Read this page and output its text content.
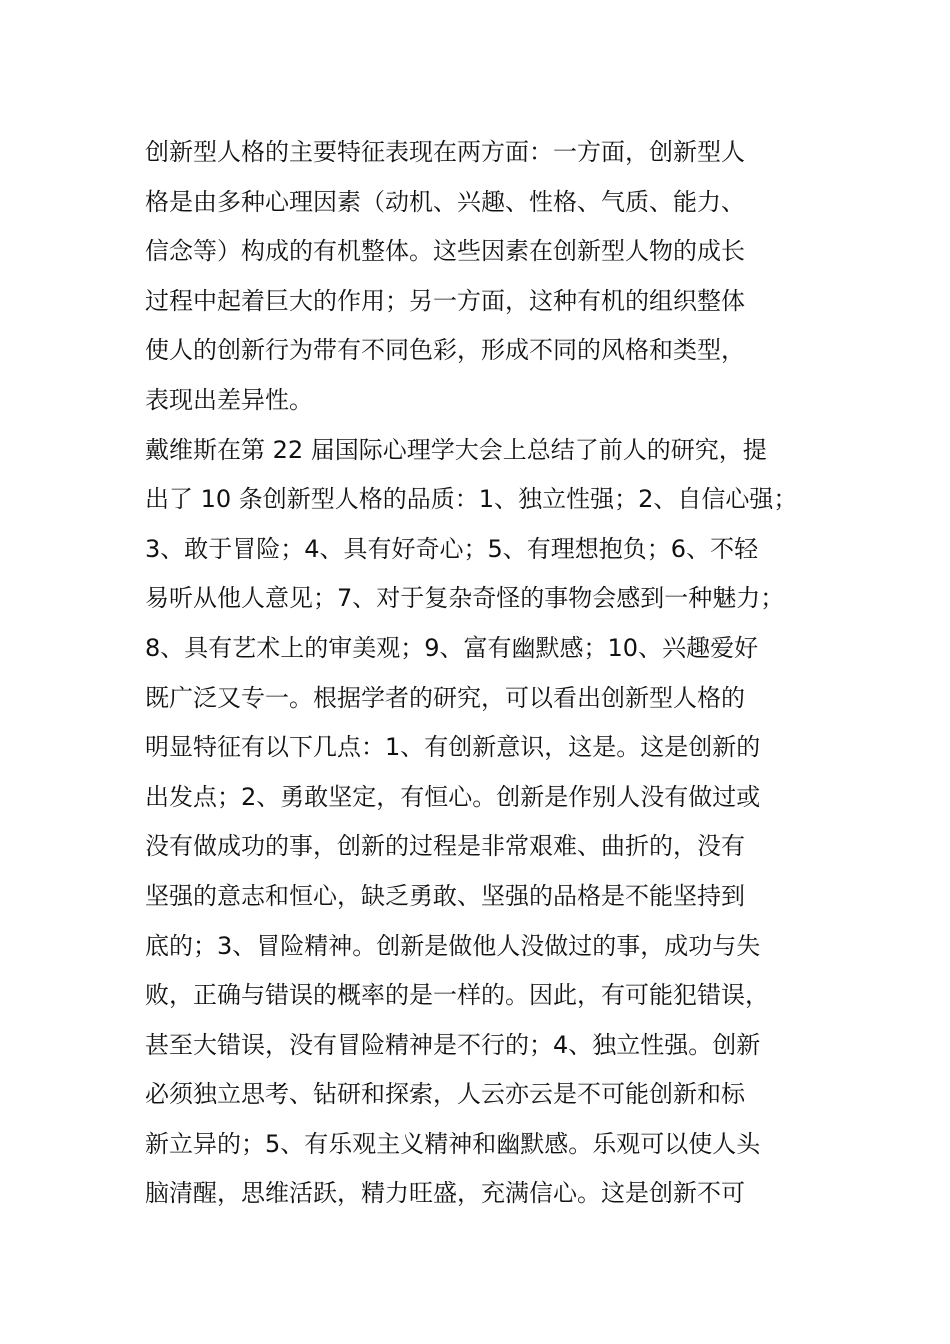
创新型人格的主要特征表现在两方面：一方面，创新型人
格是由多种心理因素（动机、兴趣、性格、气质、能力、
信念等）构成的有机整体。这些因素在创新型人物的成长
过程中起着巨大的作用；另一方面，这种有机的组织整体
使人的创新行为带有不同色彩，形成不同的风格和类型，
表现出差异性。
戴维斯在第 22 届国际心理学大会上总结了前人的研究，提
出了 10 条创新型人格的品质：1、独立性强；2、自信心强；
3、敢于冒险；4、具有好奇心；5、有理想抱负；6、不轻
易听从他人意见；7、对于复杂奇怪的事物会感到一种魅力；
8、具有艺术上的审美观；9、富有幽默感；10、兴趣爱好
既广泛又专一。根据学者的研究，可以看出创新型人格的
明显特征有以下几点：1、有创新意识，这是。这是创新的
出发点；2、勇敢坚定，有恒心。创新是作别人没有做过或
没有做成功的事，创新的过程是非常艰难、曲折的，没有
坚强的意志和恒心，缺乏勇敢、坚强的品格是不能坚持到
底的；3、冒险精神。创新是做他人没做过的事，成功与失
败，正确与错误的概率的是一样的。因此，有可能犯错误，
甚至大错误，没有冒险精神是不行的；4、独立性强。创新
必须独立思考、钻研和探索，人云亦云是不可能创新和标
新立异的；5、有乐观主义精神和幽默感。乐观可以使人头
脑清醒，思维活跃，精力旺盛，充满信心。这是创新不可
